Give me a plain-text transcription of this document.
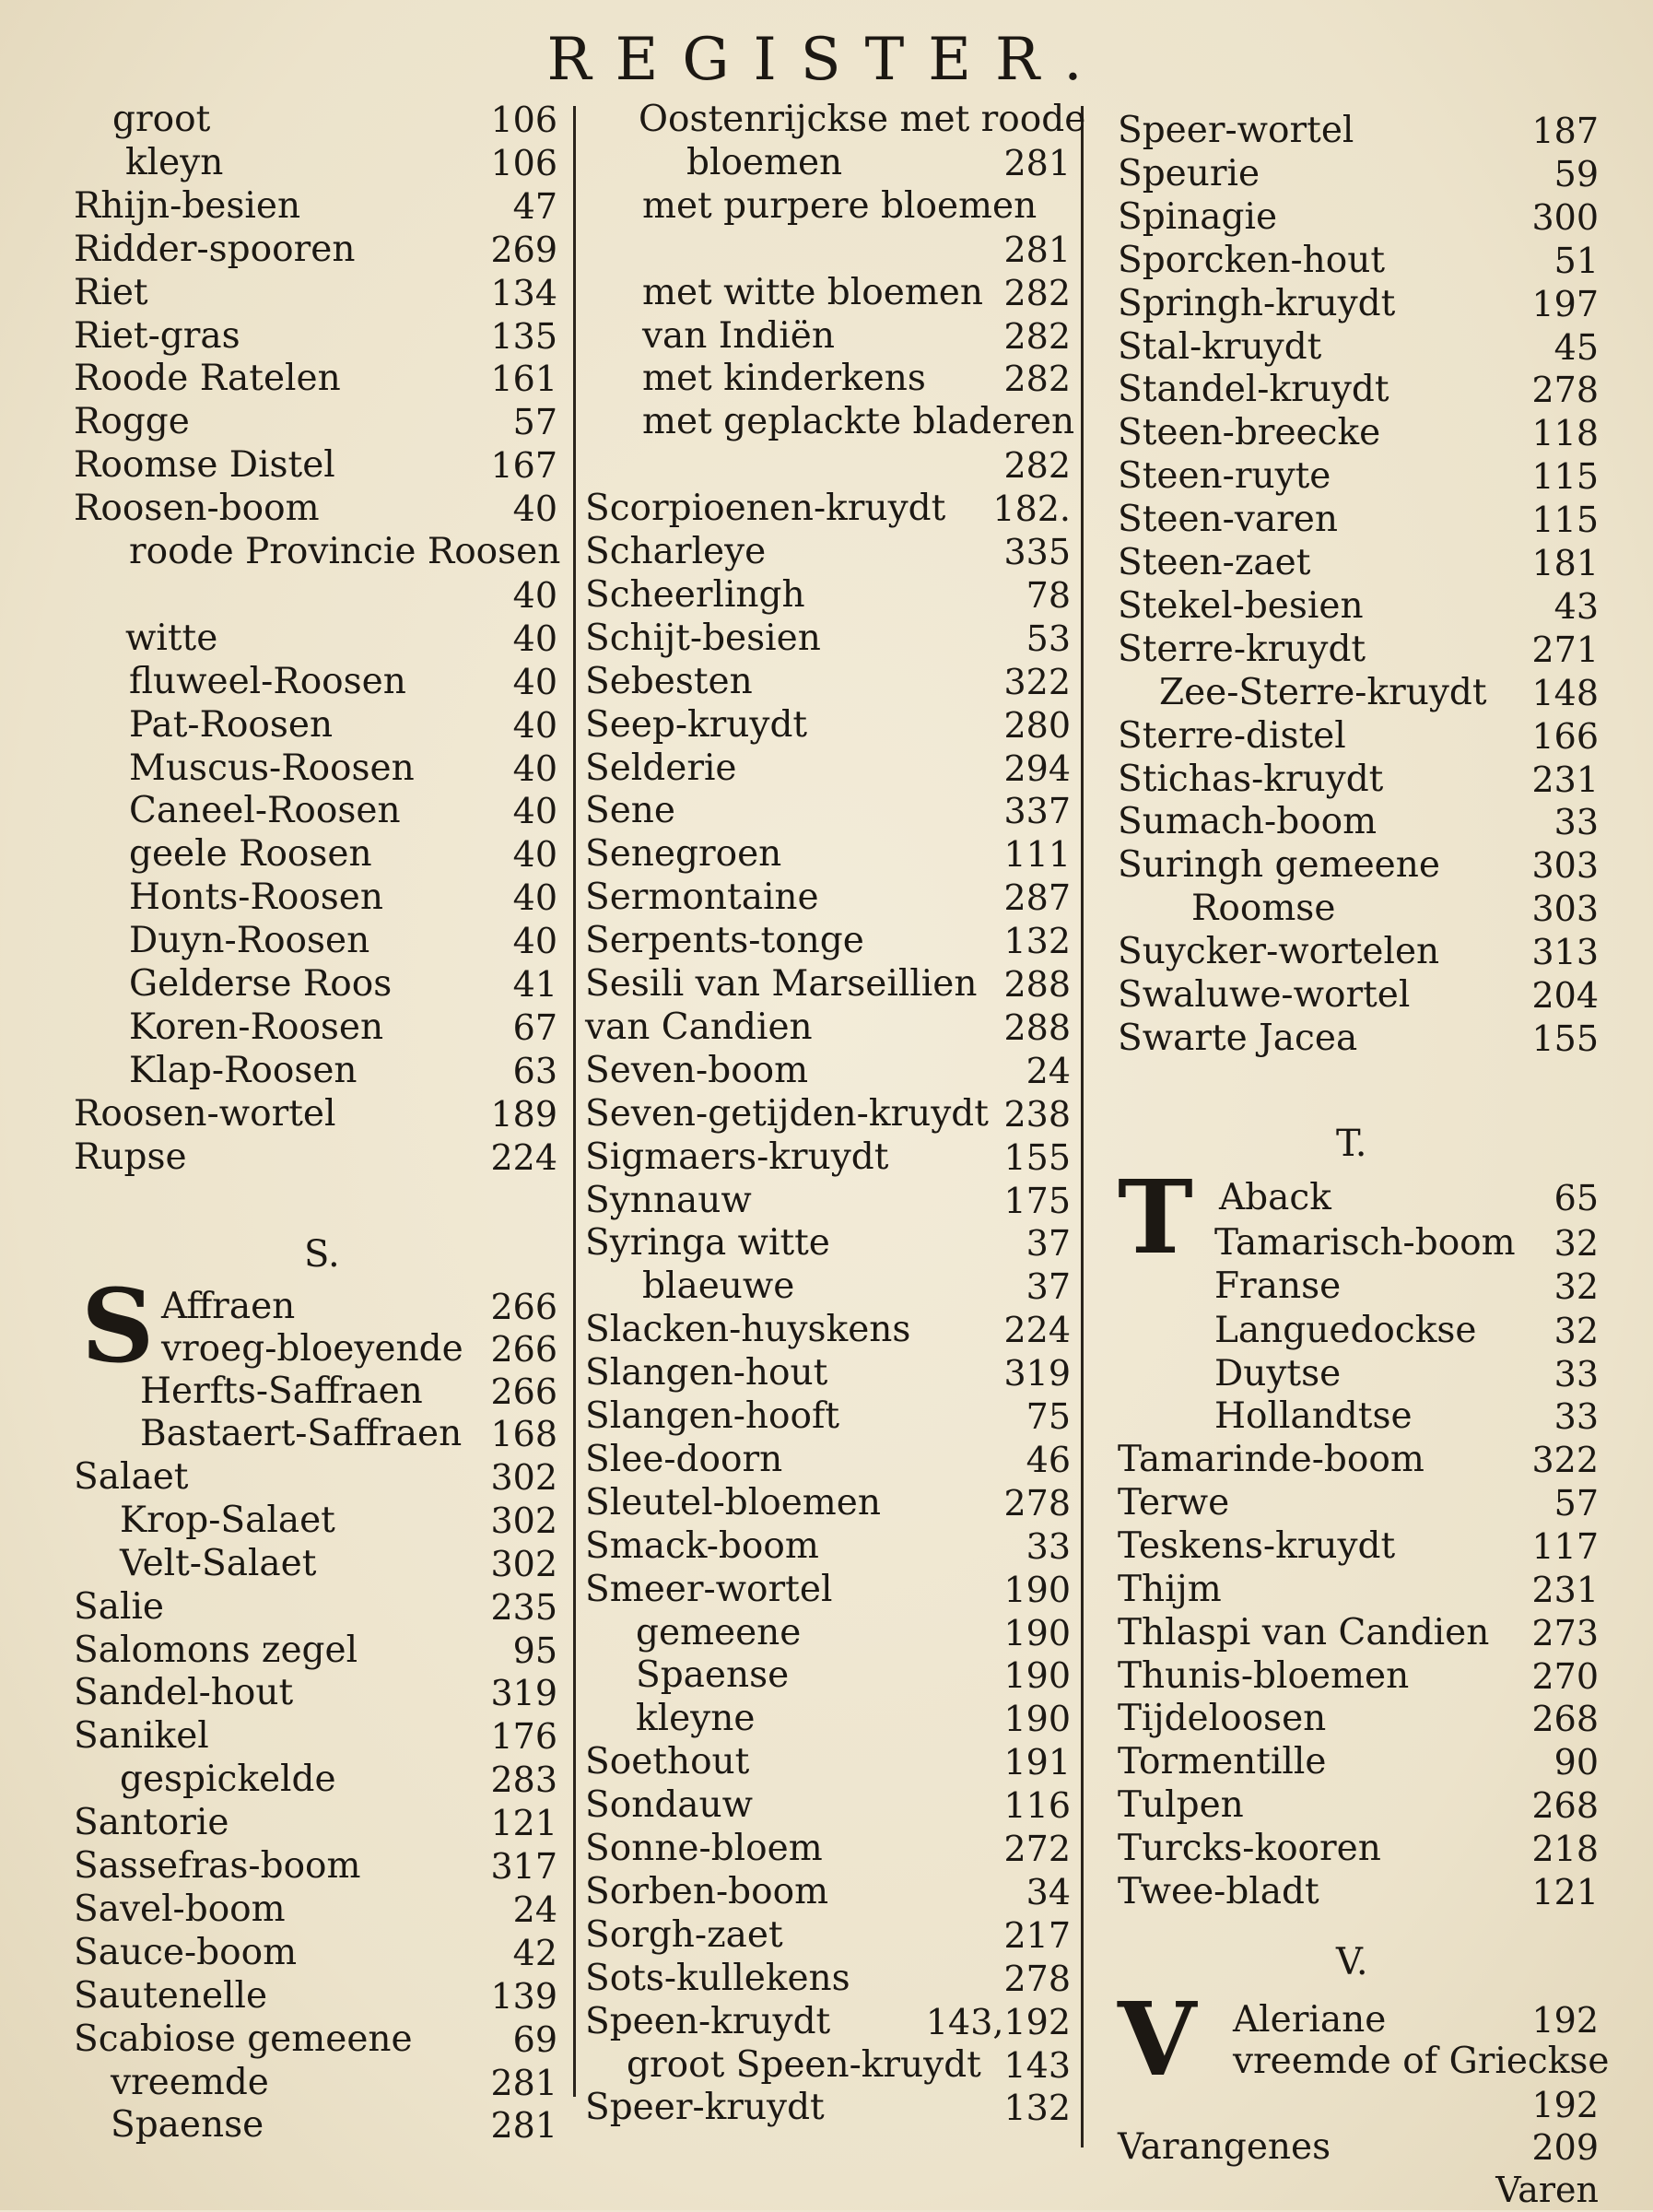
REGISTER.
groot	106
kleyn	106
Rhijn-besien	47
Ridder-spooren	269
Riet	134
Riet-gras	135
Roode Ratelen	161
Rogge	57
Roomse Distel	167
Roosen-boom	40
roode Provincie Roosen
40
witte	40
fluweel-Roosen	40
Pat-Roosen	40
Muscus-Roosen	40
Caneel-Roosen	40
geele Roosen	40
Honts-Roosen	40
Duyn-Roosen	40
Gelderse Roos	41
Koren-Roosen	67
Klap-Roosen	63
Roosen-wortel	189
Rupse	224
S.
S Affraen	266
vroeg-bloeyende 266
Herfts-Saffraen 266
Bastaert-Saffraen 168
Salaet	302
Krop-Salaet	302
Velt-Salaet	302
Salie	235
Salomons zegel	95
Sandel-hout	319
Sanikel	176
gespickelde	283
Santorie	121
Sassefras-boom	317
Savel-boom	24
Sauce-boom	42
Sautenelle	139
Scabiose gemeene	69
vreemde	281
Spaense	281
Oostenrijckse met roode
bloemen	281
met purpere bloemen
281
met witte bloemen 282
van Indiën	282
met kinderkens 282
met geplackte bladeren
282
Scorpioenen-kruydt 182.
Scharleye	335
Scheerlingh	78
Schijt-besien	53
Sebesten	322
Seep-kruydt	280
Selderie	294
Sene	337
Senegroen	111
Sermontaine	287
Serpents-tonge	132
Sesili van Marseillien 288
van Candien	288
Seven-boom	24
Seven-getijden-kruydt 238
Sigmaers-kruydt	155
Synnauw	175
Syringa witte	37
blaeuwe	37
Slacken-huyskens	224
Slangen-hout	319
Slangen-hooft	75
Slee-doorn	46
Sleutel-bloemen	278
Smack-boom	33
Smeer-wortel	190
gemeene	190
Spaense	190
kleyne	190
Soethout	191
Sondauw	116
Sonne-bloem	272
Sorben-boom	34
Sorgh-zaet	217
Sots-kullekens	278
Speen-kruydt	143,192
groot Speen-kruydt 143
Speer-kruydt	132
Speer-wortel	187
Speurie	59
Spinagie	300
Sporcken-hout	51
Springh-kruydt	197
Stal-kruydt	45
Standel-kruydt	278
Steen-breecke	118
Steen-ruyte	115
Steen-varen	115
Steen-zaet	181
Stekel-besien	43
Sterre-kruydt	271
Zee-Sterre-kruydt 148
Sterre-distel	166
Stichas-kruydt	231
Sumach-boom	33
Suringh gemeene	303
Roomse	303
Suycker-wortelen	313
Swaluwe-wortel	204
Swarte Jacea	155
T.
T Aback	65
Tamarisch-boom 32
Franse	32
Languedockse 32
Duytse	33
Hollandtse	33
Tamarinde-boom	322
Terwe	57
Teskens-kruydt	117
Thijm	231
Thlaspi van Candien 273
Thunis-bloemen	270
Tijdeloosen	268
Tormentille	90
Tulpen	268
Turcks-kooren	218
Twee-bladt	121
V.
V Aleriane	192
vreemde of Grieckse
192
Varangenes	209
Varen
